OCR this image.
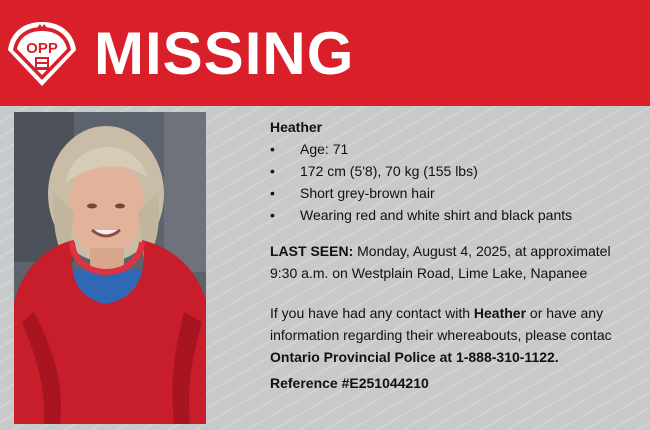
OPP MISSING

Heather

• Age: 71
• 172 cm (5'8), 70 kg (155 lbs)
• Short grey-brown hair
• Wearing red and white shirt and black pants

LAST SEEN: Monday, August 4, 2025, at approximatel
9:30 a.m. on Westplain Road, Lime Lake, Napanee

If you have had any contact with Heather or have any
information regarding their whereabouts, please contac
Ontario Provincial Police at 1-888-310-1122.

Reference #E251044210
